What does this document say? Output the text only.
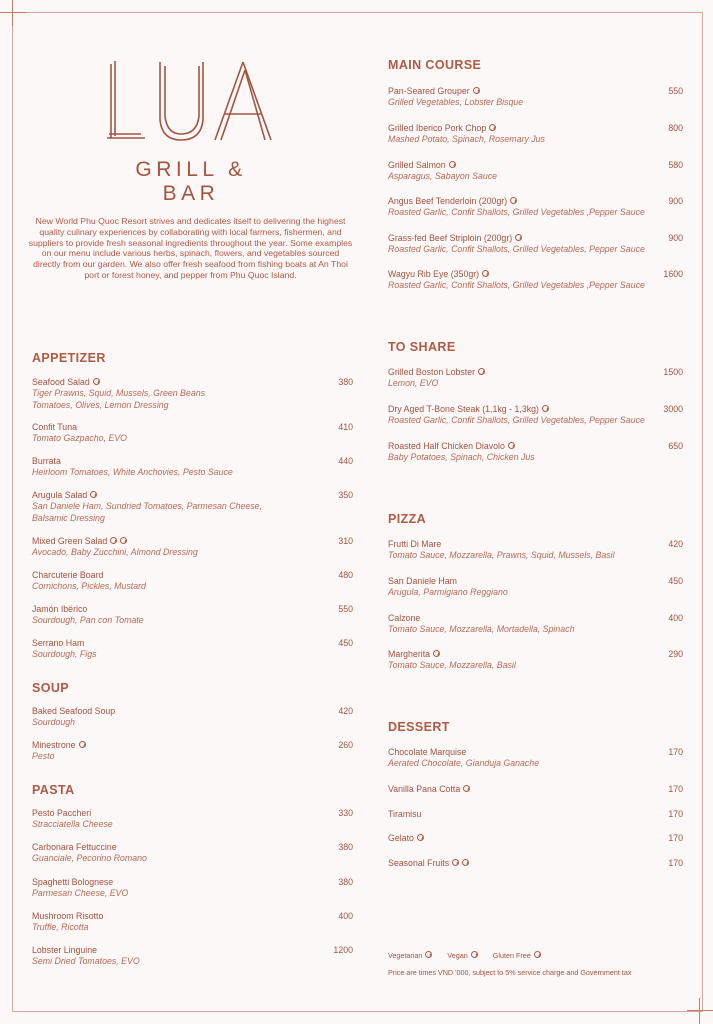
GRILL & BAR
New World Phu Quoc Resort strives and dedicates itself to delivering the highest quality culinary experiences by collaborating with local farmers, fishermen, and suppliers to provide fresh seasonal ingredients throughout the year. Some examples on our menu include various herbs, spinach, flowers, and vegetables sourced directly from our garden. We also offer fresh seafood from fishing boats at An Thoi port or forest honey, and pepper from Phu Quoc Island.
APPETIZER
Seafood Salad
Tiger Prawns, Squid, Mussels, Green Beans
Tomatoes, Olives, Lemon Dressing
380
Confit Tuna
Tomato Gazpacho, EVO
410
Burrata
Heirloom Tomatoes, White Anchovies, Pesto Sauce
440
Arugula Salad
San Daniele Ham, Sundried Tomatoes, Parmesan Cheese,
Balsamic Dressing
350
Mixed Green Salad
Avocado, Baby Zucchini, Almond Dressing
310
Charcuterie Board
Cornichons, Pickles, Mustard
480
Jamón Ibérico
Sourdough, Pan con Tomate
550
Serrano Ham
Sourdough, Figs
450
SOUP
Baked Seafood Soup
Sourdough
420
Minestrone
Pesto
260
PASTA
Pesto Paccheri
Stracciatella Cheese
330
Carbonara Fettuccine
Guanciale, Pecorino Romano
380
Spaghetti Bolognese
Parmesan Cheese, EVO
380
Mushroom Risotto
Truffle, Ricotta
400
Lobster Linguine
Semi Dried Tomatoes, EVO
1200
MAIN COURSE
Pan-Seared Grouper
Grilled Vegetables, Lobster Bisque
550
Grilled Iberico Pork Chop
Mashed Potato, Spinach, Rosemary Jus
800
Grilled Salmon
Asparagus, Sabayon Sauce
580
Angus Beef Tenderloin (200gr)
Roasted Garlic, Confit Shallots, Grilled Vegetables ,Pepper Sauce
900
Grass-fed Beef Striploin (200gr)
Roasted Garlic, Confit Shallots, Grilled Vegetables, Pepper Sauce
900
Wagyu Rib Eye (350gr)
Roasted Garlic, Confit Shallots, Grilled Vegetables ,Pepper Sauce
1600
TO SHARE
Grilled Boston Lobster
Lemon, EVO
1500
Dry Aged T-Bone Steak (1,1kg - 1,3kg)
Roasted Garlic, Confit Shallots, Grilled Vegetables, Pepper Sauce
3000
Roasted Half Chicken Diavolo
Baby Potatoes, Spinach, Chicken Jus
650
PIZZA
Frutti Di Mare
Tomato Sauce, Mozzarella, Prawns, Squid, Mussels, Basil
420
San Daniele Ham
Arugula, Parmigiano Reggiano
450
Calzone
Tomato Sauce, Mozzarella, Mortadella, Spinach
400
Margherita
Tomato Sauce, Mozzarella, Basil
290
DESSERT
Chocolate Marquise
Aerated Chocolate, Gianduja Ganache
170
Vanilla Pana Cotta	170
Tiramisu	170
Gelato	170
Seasonal Fruits	170
Vegetarian	Vegan	Gluten Free
Price are times VND '000, subject to 5% service charge and Government tax
